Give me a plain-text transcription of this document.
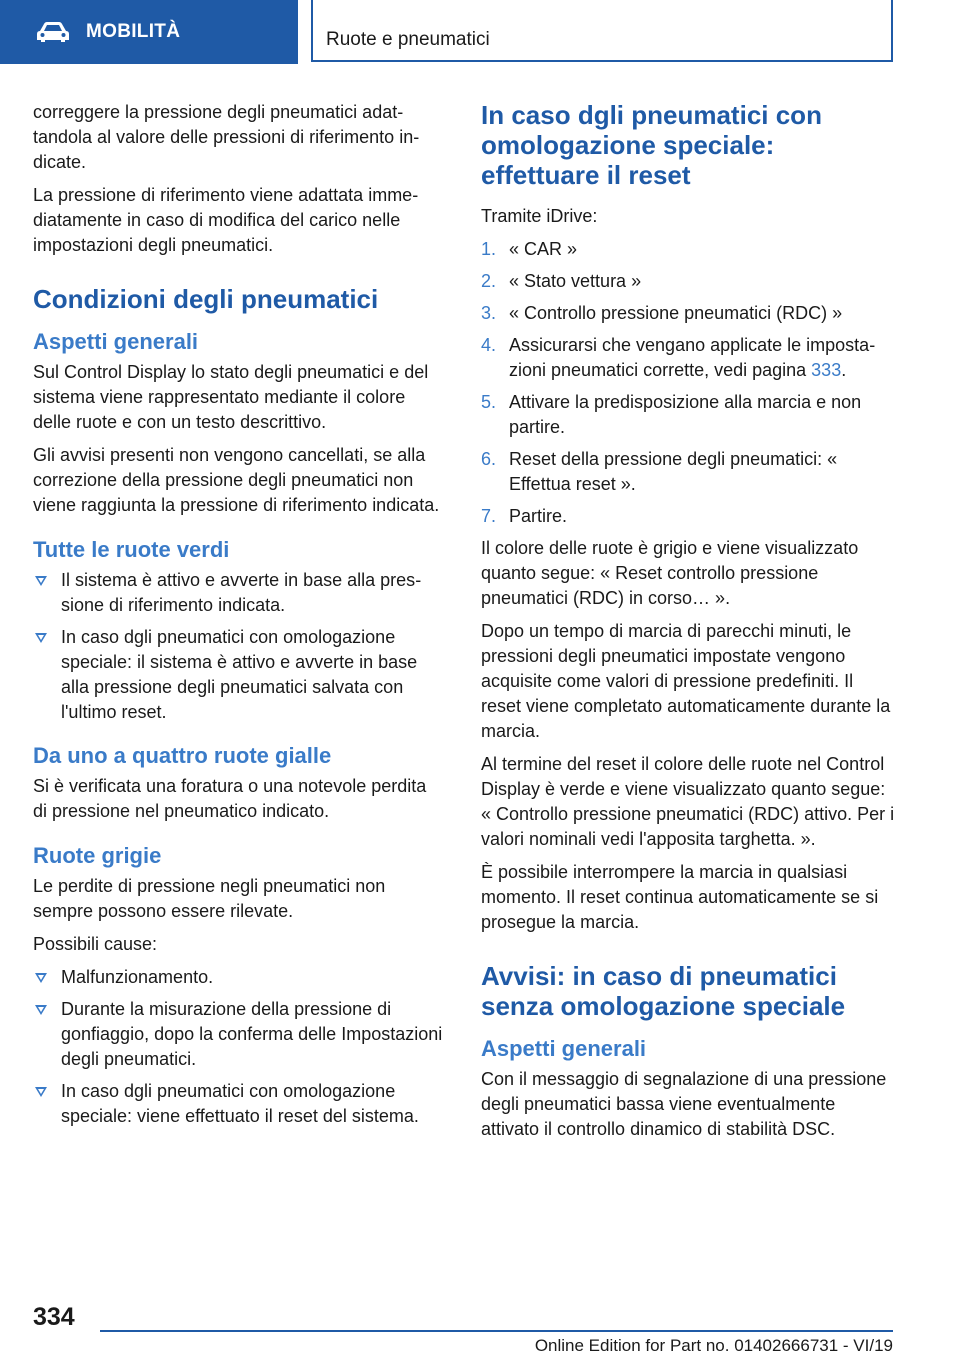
MOBILITÀ	Ruote e pneumatici

correggere la pressione degli pneumatici adattandola al valore delle pressioni di riferimento indicate.

La pressione di riferimento viene adattata immediatamente in caso di modifica del carico nelle impostazioni degli pneumatici.

Condizioni degli pneumatici
Aspetti generali

Sul Control Display lo stato degli pneumatici e del sistema viene rappresentato mediante il colore delle ruote e con un testo descrittivo.

Gli avvisi presenti non vengono cancellati, se alla correzione della pressione degli pneumatici non viene raggiunta la pressione di riferimento indicata.

Tutte le ruote verdi
Il sistema è attivo e avverte in base alla pressione di riferimento indicata.
In caso dgli pneumatici con omologazione speciale: il sistema è attivo e avverte in base alla pressione degli pneumatici salvata con l'ultimo reset.
Da uno a quattro ruote gialle

Si è verificata una foratura o una notevole perdita di pressione nel pneumatico indicato.

Ruote grigie

Le perdite di pressione negli pneumatici non sempre possono essere rilevate.

Possibili cause:

Malfunzionamento.
Durante la misurazione della pressione di gonfiaggio, dopo la conferma delle Impostazioni degli pneumatici.
In caso dgli pneumatici con omologazione speciale: viene effettuato il reset del sistema.
In caso dgli pneumatici con omologazione speciale: effettuare il reset

Tramite iDrive:

1. « CAR »
2. « Stato vettura »
3. « Controllo pressione pneumatici (RDC) »
4. Assicurarsi che vengano applicate le impostazioni pneumatici corrette, vedi pagina 333.
5. Attivare la predisposizione alla marcia e non partire.
6. Reset della pressione degli pneumatici: « Effettua reset ».
7. Partire.

Il colore delle ruote è grigio e viene visualizzato quanto segue: « Reset controllo pressione pneumatici (RDC) in corso… ».

Dopo un tempo di marcia di parecchi minuti, le pressioni degli pneumatici impostate vengono acquisite come valori di pressione predefiniti. Il reset viene completato automaticamente durante la marcia.

Al termine del reset il colore delle ruote nel Control Display è verde e viene visualizzato quanto segue: « Controllo pressione pneumatici (RDC) attivo. Per i valori nominali vedi l'apposita targhetta. ».

È possibile interrompere la marcia in qualsiasi momento. Il reset continua automaticamente se si prosegue la marcia.

Avvisi: in caso di pneumatici senza omologazione speciale
Aspetti generali

Con il messaggio di segnalazione di una pressione degli pneumatici bassa viene eventualmente attivato il controllo dinamico di stabilità DSC.

334
Online Edition for Part no. 01402666731 - VI/19
